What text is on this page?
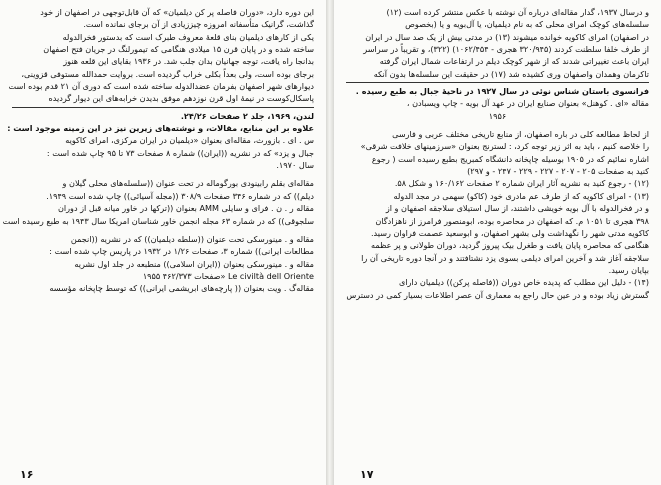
این دوره دارد، «دوران فاصله پر کن دیلمیان» که آن قابل‌توجهی در اصفهان از خود
گذاشت، گرانیک متأسفانه امروزه چیززیادی از آن برجای نمانده است.
یکی از کارهای دیلمیان بنای قلعهٔ معروف طبرک است که بدستور فخرالدوله
ساخته شده و در پایان قرن ۱۵ میلادی هنگامی که تیمورلنگ در جریان فتح اصفهان
بدانجا راه یافت، توجه جهانیان بدان جلب شد. در ۱۹۳۶ بقایای این قلعه هنوز
برجای بوده است، ولی بعداً بکلی خراب گردیده است. بروایت حمدالله مستوفی قزوینی،
دیوارهای شهر اصفهان بفرمان عضدالدوله ساخته شده است که دوری آن ۲۱ قدم بوده است
پاسکال‌کوست در نیمهٔ اول قرن نوزدهم موفق بدیدن خرابه‌های این دیوار گردیده
لندن، ۱۹۶۹، جلد ۲ صفحات ۲۴/۲۶.
علاوه بر این منابع، مقالات، و نوشته‌های زیرین نیز در این زمینه موجود است :
س . ای . بازورث، مقاله‌ای بعنوان «دیلمیان در ایران مرکزی، امرای کاکویه
جبال و یزد» که در نشریه ((ایران)) شماره ۸ صفحات ۷۳ تا ۹۵ چاپ شده است :
سال ۱۹۷۰.
مقاله‌ای بقلم رابینودی بورگوماله در تحت عنوان ((سلسله‌های محلی گیلان و
دیلم)) که در شماره ۳۴۶ صفحات ۳۰۸/۹ ((مجله آسیائی)) چاپ شده است ۱۹۴۹.
مقاله ر . ن . فرای و سایلی AMM بعنوان ((ترکها در خاور میانه قبل از دوران
سلجوقی)) که در شماره ۶۳ مجله انجمن خاور شناسان امریکا سال ۱۹۴۳ به طبع رسیده است
مقاله و . مینورسکی تحت عنوان ((سلطه دیلمیان)) که در نشریه ((انجمن
مطالعات ایرانی)) شماره ۳، صفحات ۱/۲۶ در ۱۹۳۲ در پاریس چاپ شده است :
مقاله و . مینورسکی بعنوان ((ایران اسلامی)) منطبعه در جلد اول نشریه
Le civiltà dell Oriente «صفحات ۴۶۲/۳۷۳ ۱۹۵۵
مقاله‌گ . ویت بعنوان (( پارچه‌های ابریشمی ایرانی)) که توسط چاپخانه مؤسسه
١۶
و درسال ۱۹۳۷، گدار مقاله‌ای درباره آن نوشته با عکس منتشر کرده است (۱۲)
سلسله‌های کوچک امرای محلی که به نام دیلمیان، یا آل‌بویه و یا (بخصوص
در اصفهان) امرای کاکویه خوانده میشوند (۱۳) در مدتی بیش از یک صد سال در ایران
از طرف خلفا سلطنت کردند (۳۲۰/۹۴۵ هجری - ۱۰۶۲/۴۵۴) (۳۲۲)، و تقریباً در سراسر
ایران باعث تغییراتی شدند که از شهر کوچک دیلم در ارتفاعات شمال ایران گرفته
تاکرمان وهمدان واصفهان وری کشیده شد (۱۷) در حقیقت این سلسله‌ها بدون آنکه
فرانسوی باستان شناس نوئی در سال ۱۹۲۷ در ناحیهٔ جبال به طبع رسیده .
مقاله «ای . کوهنل» بعنوان صنایع ایران در عهد آل بویه - چاپ ویسبادن ،
۱۹۵۶
از لحاظ مطالعه کلی در باره اصفهان، از منابع تاریخی مختلف عربی و فارسی
را خلاصه کنیم ، باید به اثر زیر توجه کرد، : لسترنج بعنوان «سرزمینهای خلافت شرقی»
اشاره نمائیم که در ۱۹۰۵ بوسیله چاپخانه دانشگاه کمبریج بطبع رسیده است ( رجوع
کنید به صفحات ۲۰۵ - ۲۰۷ - ۲۲۷ - ۲۲۹ - ۲۴۷ - و ۲۹۷)
(۱۲) - رجوع کنید به نشریه آثار ایران شماره ۲ صفحات ۱۶۰/۱۶۲ و شکل ۵۸.
(۱۳) - امرای کاکویه که از طرف عم مادری خود (کاکو) سهمی در مجد الدوله
و در فخرالدوله با آل بویه خویشی داشتند، از سال استیلای سلاجقه اصفهان و از
۳۹۸ هجری تا ۱۰۵۱ م. که اصفهان در محاصره بوده، ابومنصور فرامرز از ناهزادگان
کاکویه مدتی شهر را نگهداشت ولی بشهر اصفهان، و ابوسعید عصمت فراوان رسید.
هنگامی که محاصره پایان یافت و طغرل بیک پیروز گردید، دوران طولانی و پر عظمه
سلاجقه آغاز شد و آخرین امرای دیلمی بسوی یزد نشتافتند و در آنجا دوره تاریخی آن را
بپایان رسید.
(۱۴) - دلیل این مطلب که پدیده خاص دوران ((فاصله پرکن)) دیلمیان دارای
گسترش زیاد بوده و در عین حال راجع به معماری آن عصر اطلاعات بسیار کمی در دسترس
١٧
